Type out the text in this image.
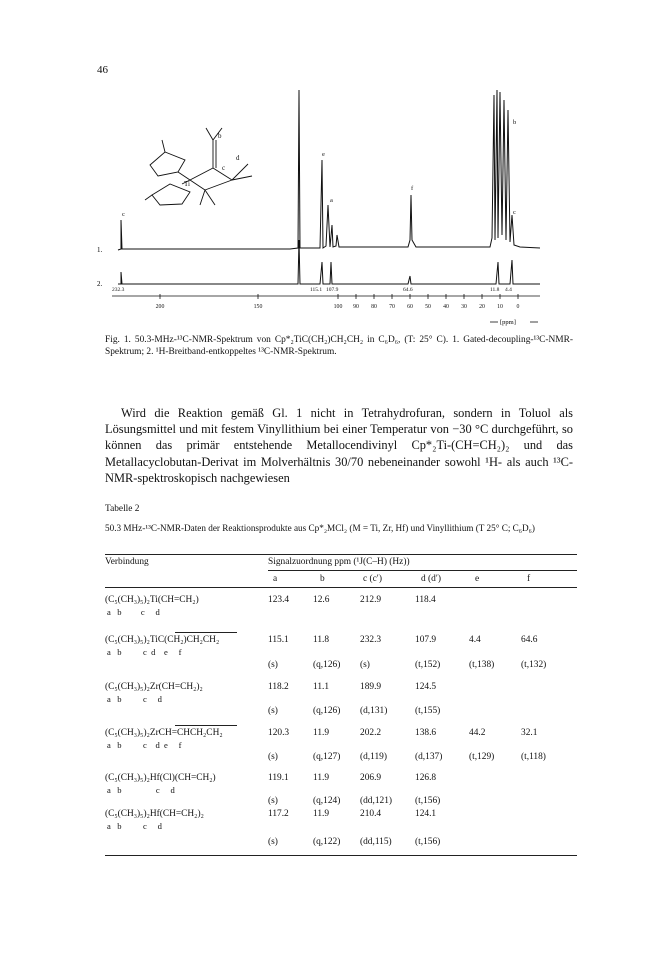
46
b
Ti
c
d
c
e
a
f
b
c
1.
2.
232.3	115.1 107.9	64.6	11.8 4.4
200	150	100 90 80 70 60 50 40 30 20 10 0
[ppm]
Fig. 1. 50.3-MHz-¹³C-NMR-Spektrum von Cp*₂TiC(CH₂)CH₂CH₂ in C₆D₆, (T: 25° C). 1. Gated-decoupling-¹³C-NMR-Spektrum; 2. ¹H-Breitband-entkoppeltes ¹³C-NMR-Spektrum.

Wird die Reaktion gemäß Gl. 1 nicht in Tetrahydrofuran, sondern in Toluol als Lösungsmittel und mit festem Vinyllithium bei einer Temperatur von −30 °C durchgeführt, so können das primär entstehende Metallocendivinyl Cp*₂Ti-(CH=CH₂)₂ und das Metallacyclobutan-Derivat im Molverhältnis 30/70 nebeneinander sowohl ¹H- als auch ¹³C-NMR-spektroskopisch nachgewiesen

Tabelle 2
50.3 MHz-¹³C-NMR-Daten der Reaktionsprodukte aus Cp*₂MCl₂ (M = Ti, Zr, Hf) und Vinyllithium (T 25° C; C₆D₆)
Verbindung	Signalzuordnung ppm (¹J(C–H) (Hz))
a	b	c (c′)	d (d′)	e	f
(C₅(CH₃)₅)₂Ti(CH=CH₂)
a   b         c     d
123.4	12.6	212.9	118.4
(C₅(CH₃)₅)₂TiC(CH₂)CH₂CH₂
a   b          c  d    e     f
115.1	11.8	232.3	107.9	4.4	64.6
(s)	(q,126) (s)	(t,152)	(t,138)	(t,132)
(C₅(CH₃)₅)₂Zr(CH=CH₂)₂
a   b          c     d
118.2	11.1	189.9	124.5
(s)	(q,126) (d,131)	(t,155)
(C₅(CH₃)₅)₂ZrCH=CHCH₂CH₂
a   b          c    d  e     f
120.3	11.9	202.2	138.6	44.2	32.1
(s)	(q,127) (d,119)	(d,137)	(t,129)	(t,118)
(C₅(CH₃)₅)₂Hf(Cl)(CH=CH₂)
a   b                c     d
119.1	11.9	206.9	126.8
(s)	(q,124) (dd,121) (t,156)
(C₅(CH₃)₅)₂Hf(CH=CH₂)₂
a   b          c     d
117.2	11.9	210.4	124.1
(s)	(q,122) (dd,115) (t,156)
